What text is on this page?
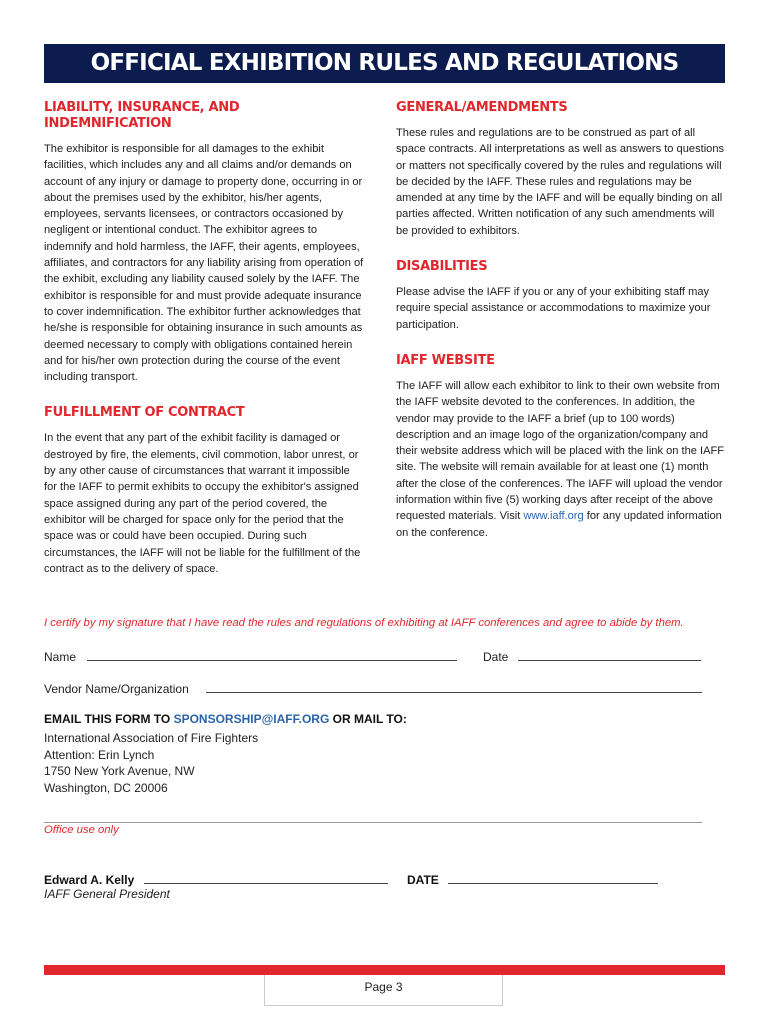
OFFICIAL EXHIBITION RULES AND REGULATIONS
LIABILITY, INSURANCE, AND INDEMNIFICATION

The exhibitor is responsible for all damages to the exhibit facilities, which includes any and all claims and/or demands on account of any injury or damage to property done, occurring in or about the premises used by the exhibitor, his/her agents, employees, servants licensees, or contractors occasioned by negligent or intentional conduct. The exhibitor agrees to indemnify and hold harmless, the IAFF, their agents, employees, affiliates, and contractors for any liability arising from operation of the exhibit, excluding any liability caused solely by the IAFF. The exhibitor is responsible for and must provide adequate insurance to cover indemnification. The exhibitor further acknowledges that he/she is responsible for obtaining insurance in such amounts as deemed necessary to comply with obligations contained herein and for his/her own protection during the course of the event including transport.

FULFILLMENT OF CONTRACT

In the event that any part of the exhibit facility is damaged or destroyed by fire, the elements, civil commotion, labor unrest, or by any other cause of circumstances that warrant it impossible for the IAFF to permit exhibits to occupy the exhibitor's assigned space assigned during any part of the period covered, the exhibitor will be charged for space only for the period that the space was or could have been occupied. During such circumstances, the IAFF will not be liable for the fulfillment of the contract as to the delivery of space.

GENERAL/AMENDMENTS

These rules and regulations are to be construed as part of all space contracts. All interpretations as well as answers to questions or matters not specifically covered by the rules and regulations will be decided by the IAFF. These rules and regulations may be amended at any time by the IAFF and will be equally binding on all parties affected. Written notification of any such amendments will be provided to exhibitors.

DISABILITIES

Please advise the IAFF if you or any of your exhibiting staff may require special assistance or accommodations to maximize your participation.

IAFF WEBSITE

The IAFF will allow each exhibitor to link to their own website from the IAFF website devoted to the conferences. In addition, the vendor may provide to the IAFF a brief (up to 100 words) description and an image logo of the organization/company and their website address which will be placed with the link on the IAFF site. The website will remain available for at least one (1) month after the close of the conferences. The IAFF will upload the vendor information within five (5) working days after receipt of the above requested materials. Visit www.iaff.org for any updated information on the conference.

I certify by my signature that I have read the rules and regulations of exhibiting at IAFF conferences and agree to abide by them.
Name	Date
Vendor Name/Organization
EMAIL THIS FORM TO SPONSORSHIP@IAFF.ORG OR MAIL TO:
International Association of Fire Fighters
Attention: Erin Lynch
1750 New York Avenue, NW
Washington, DC 20006
Office use only
Edward A. Kelly	DATE
IAFF General President
Page 3
